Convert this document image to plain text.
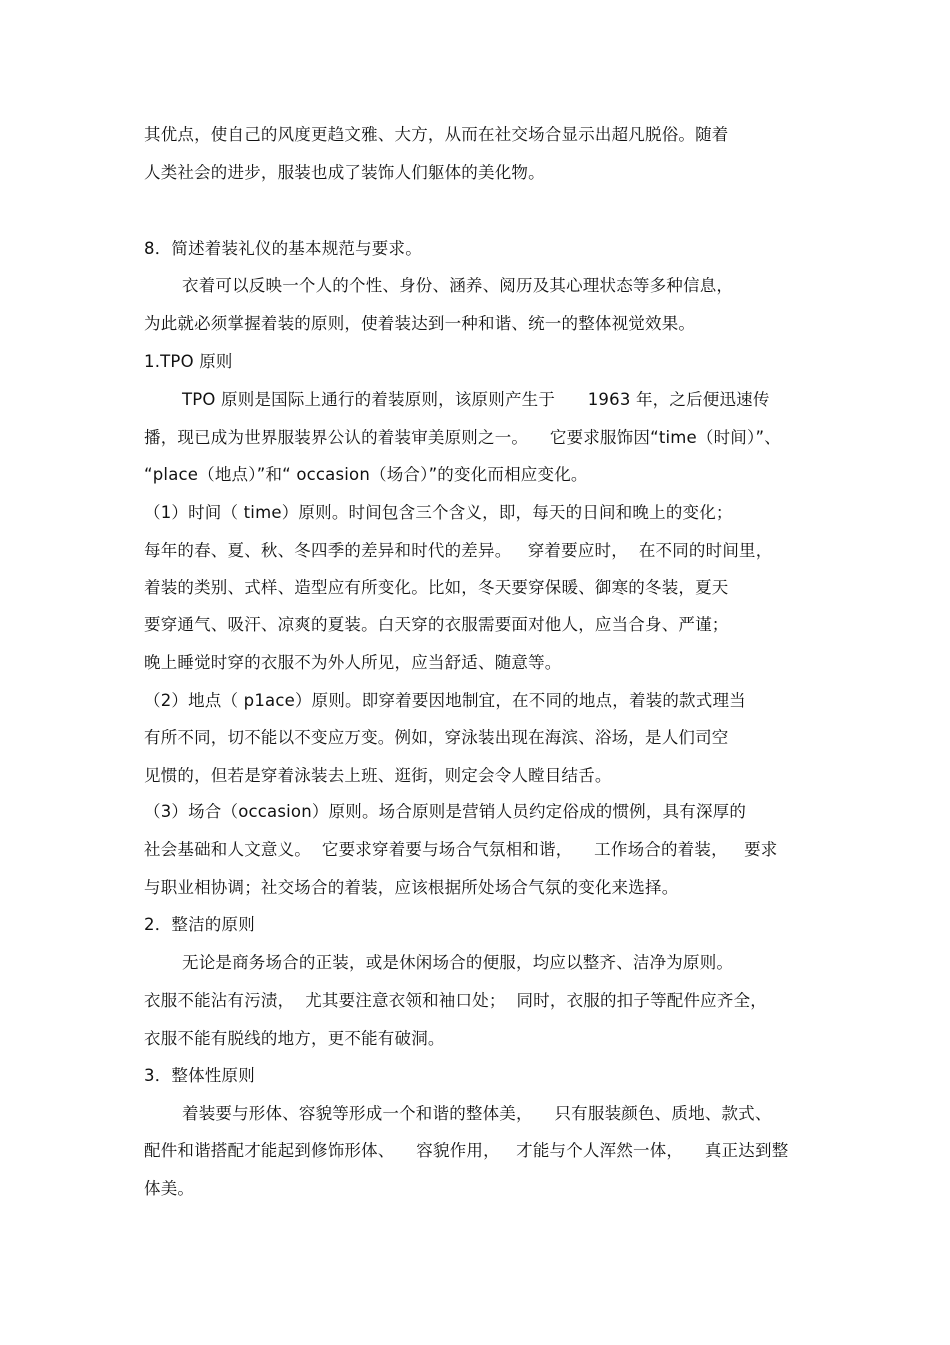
其优点，使自己的风度更趋文雅、大方，从而在社交场合显示出超凡脱俗。随着

人类社会的进步，服装也成了装饰人们躯体的美化物。

8．简述着装礼仪的基本规范与要求。

衣着可以反映一个人的个性、身份、涵养、阅历及其心理状态等多种信息，

为此就必须掌握着装的原则，使着装达到一种和谐、统一的整体视觉效果。

1.TPO 原则

TPO 原则是国际上通行的着装原则，该原则产生于      1963 年，之后便迅速传

播，现已成为世界服装界公认的着装审美原则之一。    它要求服饰因“time（时间）”、

“place（地点）”和“ occasion（场合）”的变化而相应变化。

（1）时间（ time）原则。时间包含三个含义，即，每天的日间和晚上的变化；

每年的春、夏、秋、冬四季的差异和时代的差异。   穿着要应时，  在不同的时间里，

着装的类别、式样、造型应有所变化。比如，冬天要穿保暖、御寒的冬装，夏天

要穿通气、吸汗、凉爽的夏装。白天穿的衣服需要面对他人，应当合身、严谨；

晚上睡觉时穿的衣服不为外人所见，应当舒适、随意等。

（2）地点（ p1ace）原则。即穿着要因地制宜，在不同的地点，着装的款式理当

有所不同，切不能以不变应万变。例如，穿泳装出现在海滨、浴场，是人们司空

见惯的，但若是穿着泳装去上班、逛街，则定会令人瞠目结舌。

（3）场合（occasion）原则。场合原则是营销人员约定俗成的惯例，具有深厚的

社会基础和人文意义。  它要求穿着要与场合气氛相和谐，    工作场合的着装，   要求

与职业相协调；社交场合的着装，应该根据所处场合气氛的变化来选择。

2．整洁的原则

无论是商务场合的正装，或是休闲场合的便服，均应以整齐、洁净为原则。

衣服不能沾有污渍，  尤其要注意衣领和袖口处；  同时，衣服的扣子等配件应齐全，

衣服不能有脱线的地方，更不能有破洞。

3．整体性原则

着装要与形体、容貌等形成一个和谐的整体美，    只有服装颜色、质地、款式、

配件和谐搭配才能起到修饰形体、    容貌作用，   才能与个人浑然一体，    真正达到整

体美。
